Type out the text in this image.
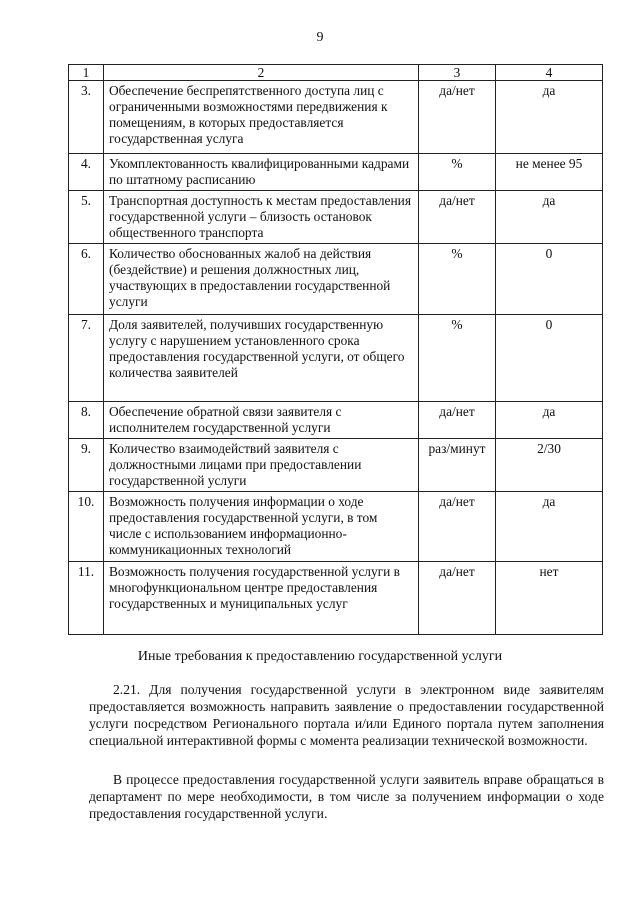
9
1	2	3	4
3.	Обеспечение беспрепятственного доступа лиц с ограниченными возможностями передвижения к помещениям, в которых предоставляется государственная услуга	да/нет	да
4.	Укомплектованность квалифицированными кадрами по штатному расписанию	%	не менее 95
5.	Транспортная доступность к местам предоставления государственной услуги – близость остановок общественного транспорта	да/нет	да
6.	Количество обоснованных жалоб на действия (бездействие) и решения должностных лиц, участвующих в предоставлении государственной услуги	%	0
7.	Доля заявителей, получивших государственную услугу с нарушением установленного срока предоставления государственной услуги, от общего количества заявителей	%	0
8.	Обеспечение обратной связи заявителя с исполнителем государственной услуги	да/нет	да
9.	Количество взаимодействий заявителя с должностными лицами при предоставлении государственной услуги	раз/минут	2/30
10.	Возможность получения информации о ходе предоставления государственной услуги, в том числе с использованием информационно-коммуникационных технологий	да/нет	да
11.	Возможность получения государственной услуги в многофункциональном центре предоставления государственных и муниципальных услуг	да/нет	нет
Иные требования к предоставлению государственной услуги

2.21. Для получения государственной услуги в электронном виде заявителям предоставляется возможность направить заявление о предоставлении государственной услуги посредством Регионального портала и/или Единого портала путем заполнения специальной интерактивной формы с момента реализации технической возможности.

В процессе предоставления государственной услуги заявитель вправе обращаться в департамент по мере необходимости, в том числе за получением информации о ходе предоставления государственной услуги.
